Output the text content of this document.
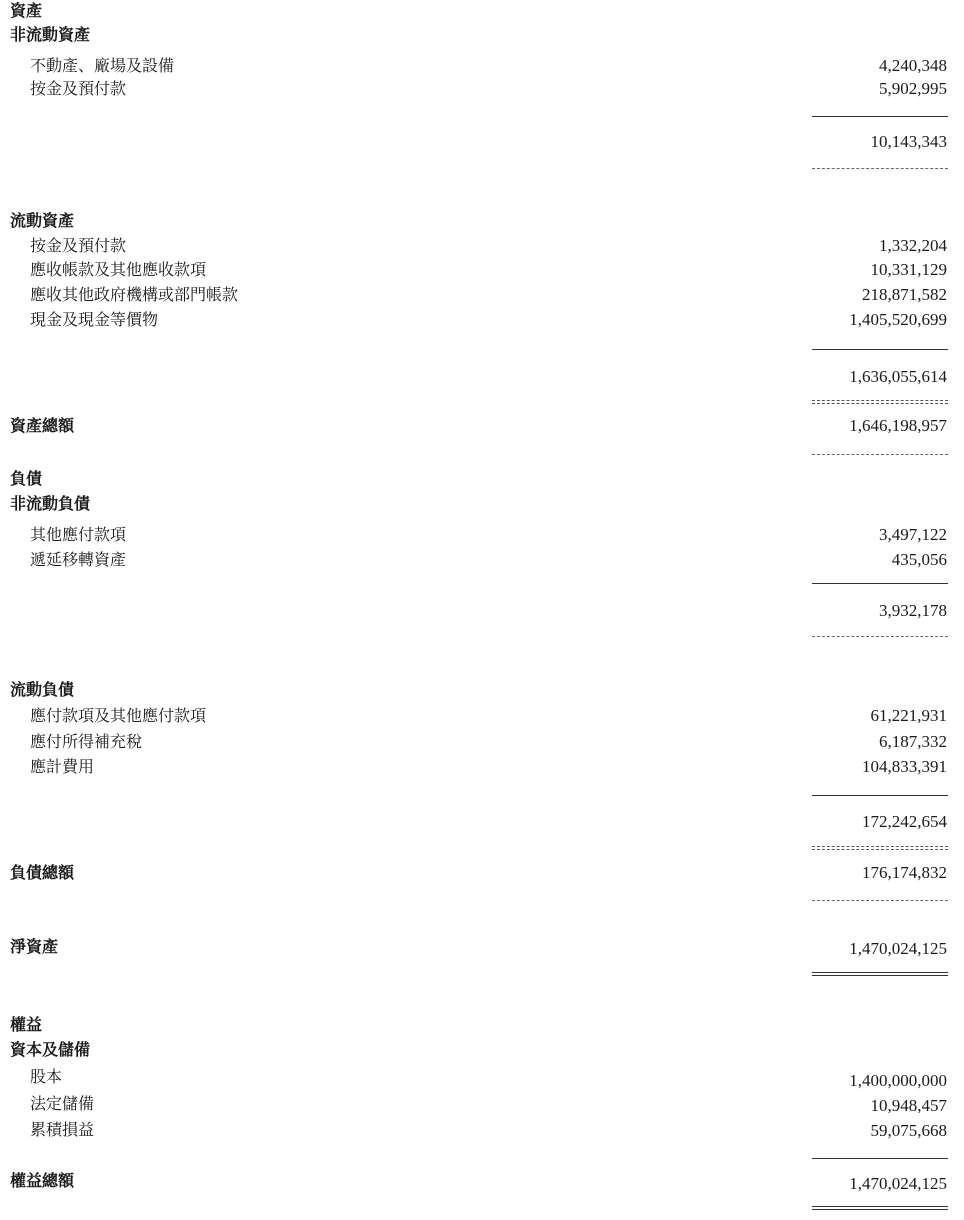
資產
非流動資產
不動產、廠場及設備	4,240,348
按金及預付款	5,902,995
10,143,343
流動資產
按金及預付款	1,332,204
應收帳款及其他應收款項	10,331,129
應收其他政府機構或部門帳款	218,871,582
現金及現金等價物	1,405,520,699
1,636,055,614
資產總額	1,646,198,957
負債
非流動負債
其他應付款項	3,497,122
遞延移轉資產	435,056
3,932,178
流動負債
應付款項及其他應付款項	61,221,931
應付所得補充稅	6,187,332
應計費用	104,833,391
172,242,654
負債總額	176,174,832
淨資產	1,470,024,125
權益
資本及儲備
股本	1,400,000,000
法定儲備	10,948,457
累積損益	59,075,668
權益總額	1,470,024,125
